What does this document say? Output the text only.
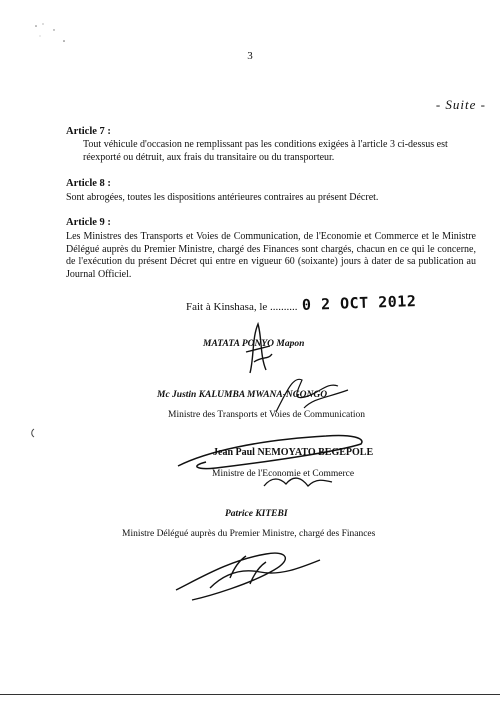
3
- Suite -
Article 7 :
Tout véhicule d'occasion ne remplissant pas les conditions exigées à l'article 3 ci-dessus est réexporté ou détruit, aux frais du transitaire ou du transporteur.
Article 8 :
Sont abrogées, toutes les dispositions antérieures contraires au présent Décret.
Article 9 :
Les Ministres des Transports et Voies de Communication, de l'Economie et Commerce et le Ministre Délégué auprès du Premier Ministre, chargé des Finances sont chargés, chacun en ce qui le concerne, de l'exécution du présent Décret qui entre en vigueur 60 (soixante) jours à dater de sa publication au Journal Officiel.
Fait à Kinshasa, le .......... 0 2 OCT 2012
MATATA PONYO Mapon
Mc Justin KALUMBA MWANA-NGONGO
Ministre des Transports et Voies de Communication
Jean Paul NEMOYATO BEGEPOLE
Ministre de l'Economie et Commerce
Patrice KITEBI
Ministre Délégué auprès du Premier Ministre, chargé des Finances
